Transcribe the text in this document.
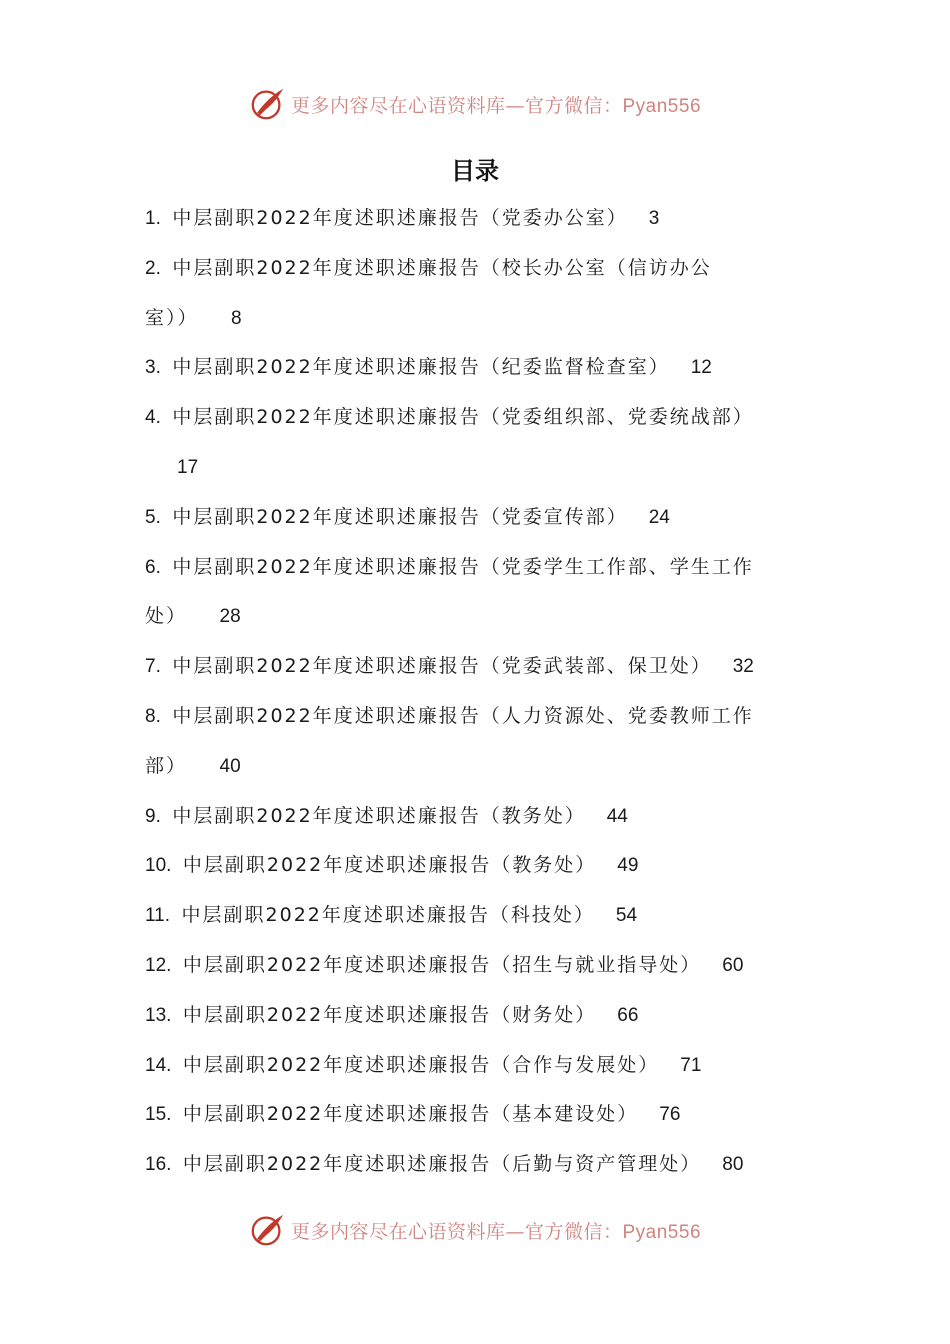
更多内容尽在心语资料库—官方微信：Pyan556
目录
1.  中层副职2022年度述职述廉报告（党委办公室）  3
2.  中层副职2022年度述职述廉报告（校长办公室（信访办公
室））   8
3.  中层副职2022年度述职述廉报告（纪委监督检查室）  12
4.  中层副职2022年度述职述廉报告（党委组织部、党委统战部）
17
5.  中层副职2022年度述职述廉报告（党委宣传部）  24
6.  中层副职2022年度述职述廉报告（党委学生工作部、学生工作
处）   28
7.  中层副职2022年度述职述廉报告（党委武装部、保卫处）  32
8.  中层副职2022年度述职述廉报告（人力资源处、党委教师工作
部）   40
9.  中层副职2022年度述职述廉报告（教务处）  44
10.  中层副职2022年度述职述廉报告（教务处）  49
11.  中层副职2022年度述职述廉报告（科技处）  54
12.  中层副职2022年度述职述廉报告（招生与就业指导处）  60
13.  中层副职2022年度述职述廉报告（财务处）  66
14.  中层副职2022年度述职述廉报告（合作与发展处）  71
15.  中层副职2022年度述职述廉报告（基本建设处）  76
16.  中层副职2022年度述职述廉报告（后勤与资产管理处）  80
更多内容尽在心语资料库—官方微信：Pyan556
